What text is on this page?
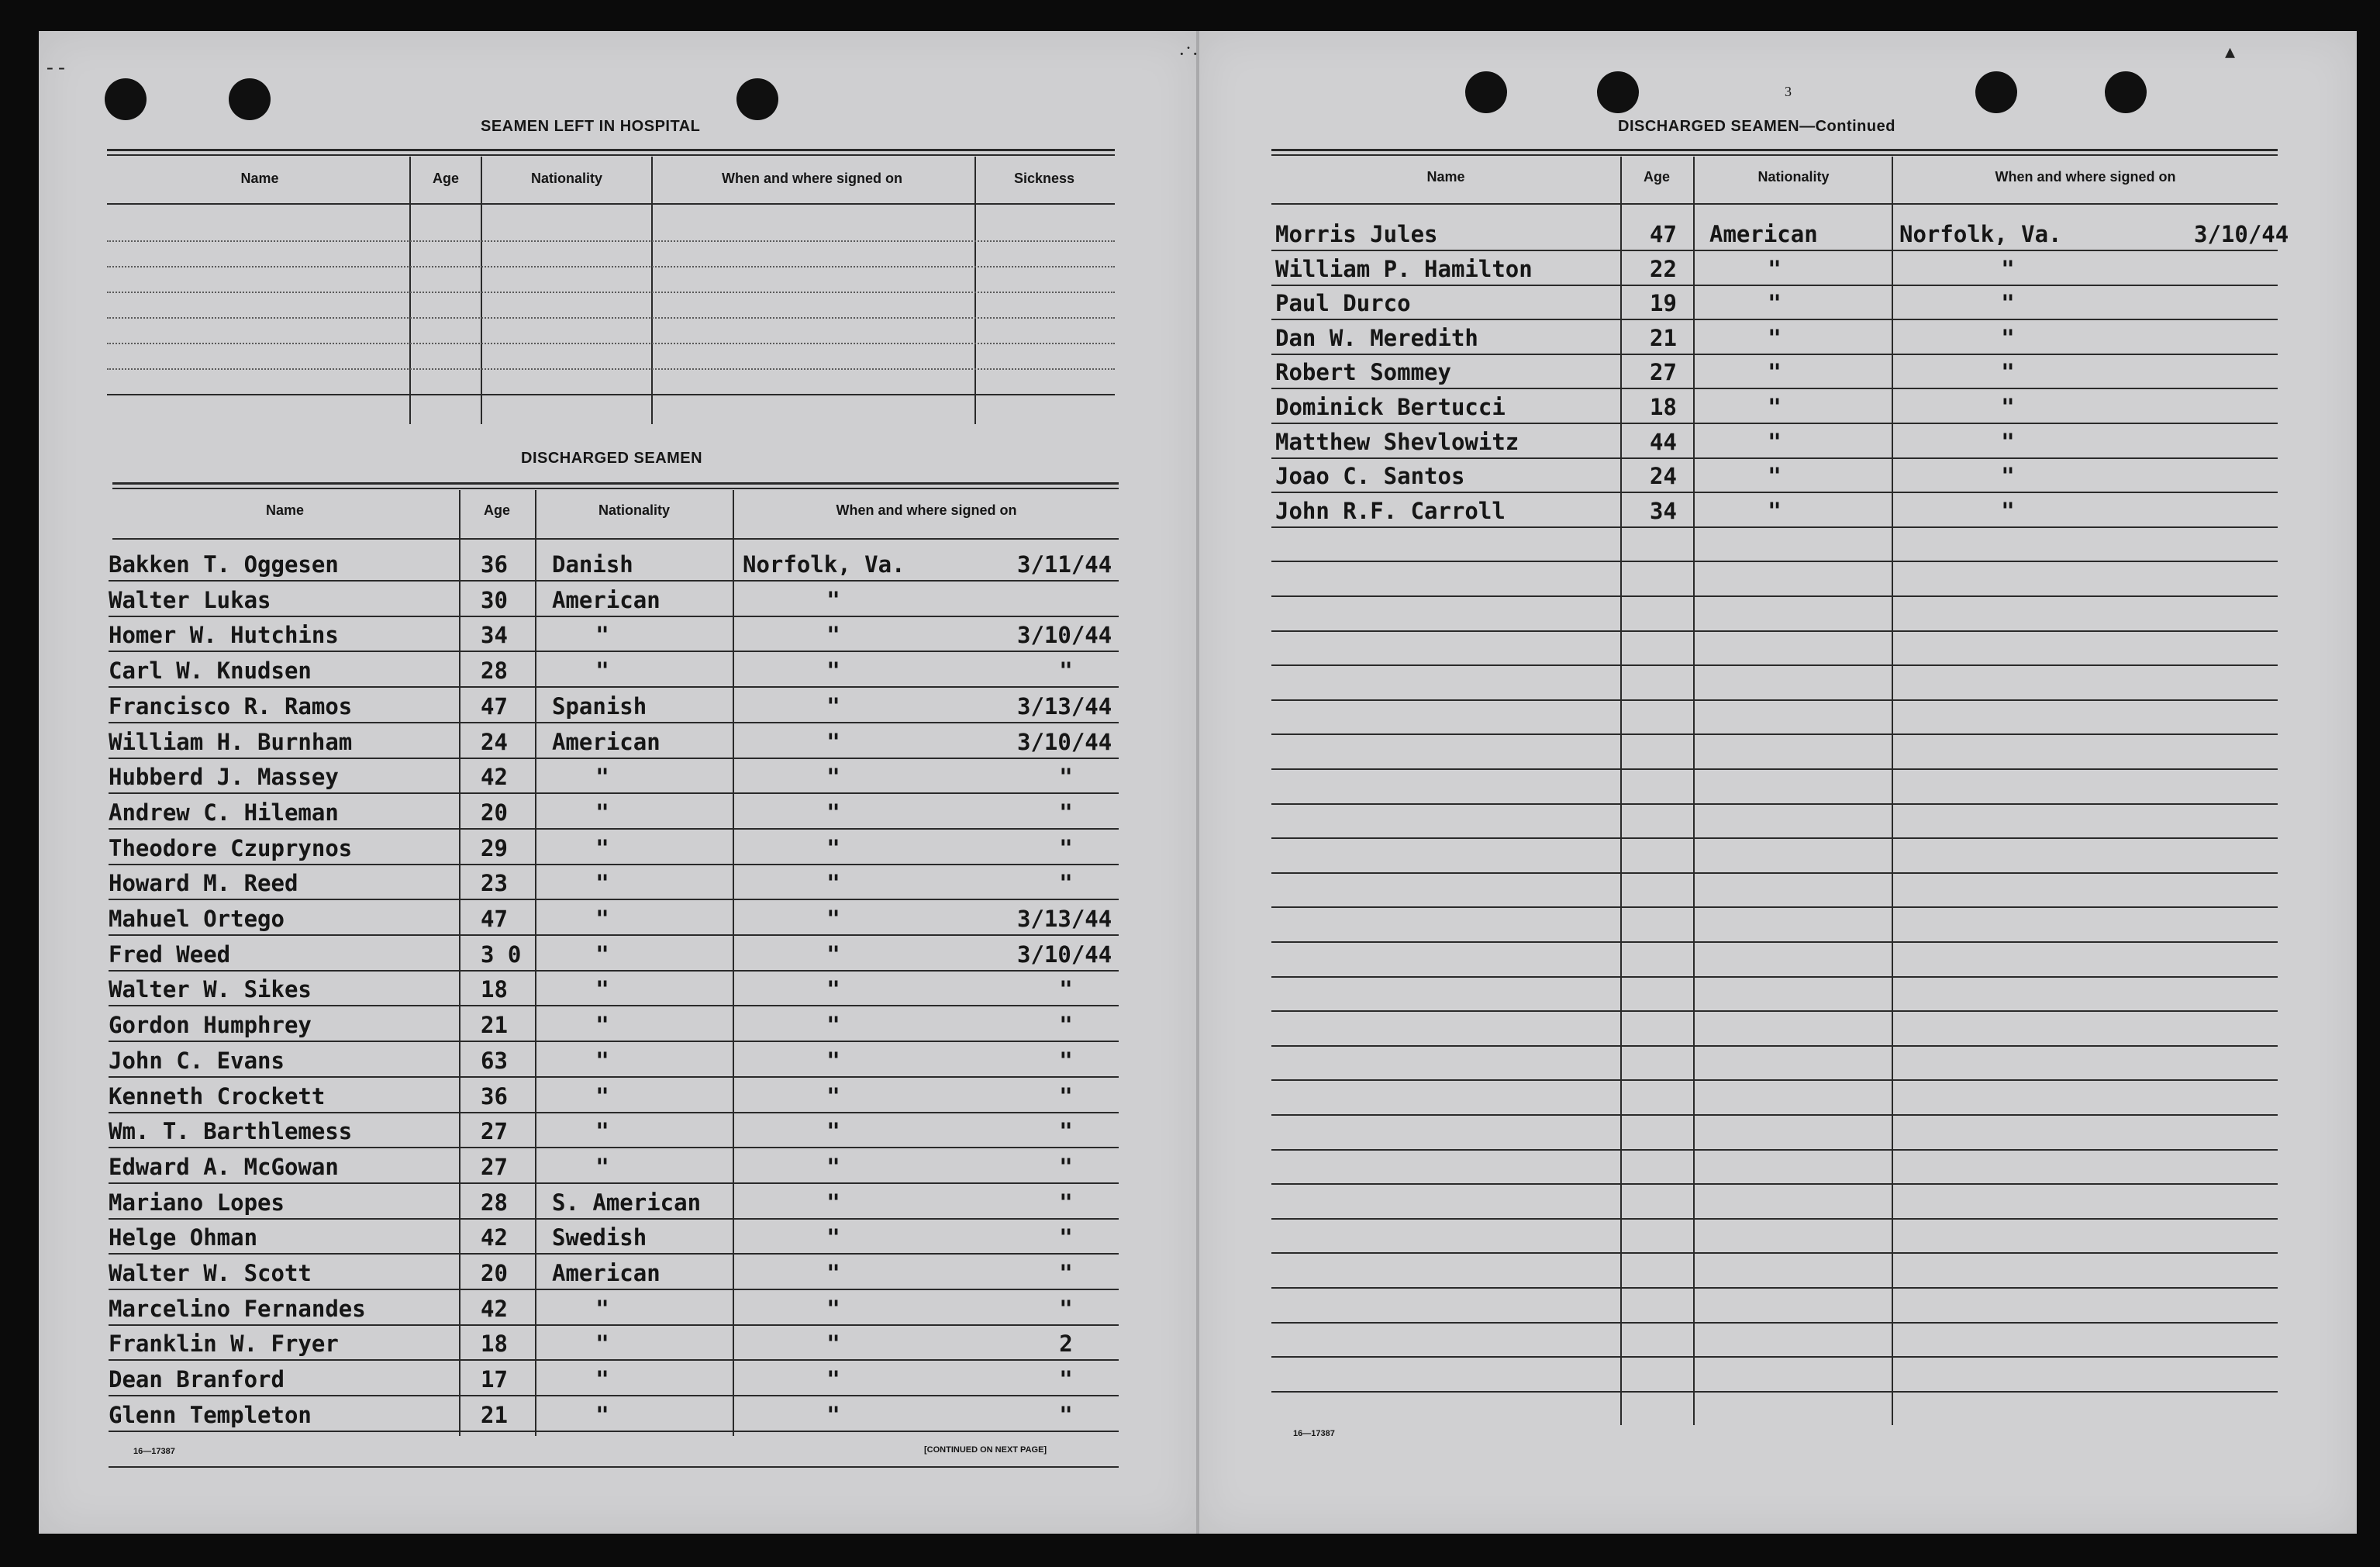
SEAMEN LEFT IN HOSPITAL
Name	Age	Nationality	When and where signed on	Sickness
DISCHARGED SEAMEN
Name	Age	Nationality	When and where signed on
Bakken T. Oggesen	36 Danish	Norfolk, Va.	3/11/44
Walter Lukas	30 American	"
Homer W. Hutchins	34	"	"	3/10/44
Carl W. Knudsen	28	"	"	"
Francisco R. Ramos	47 Spanish	"	3/13/44
William H. Burnham	24 American	"	3/10/44
Hubberd J. Massey	42	"	"	"
Andrew C. Hileman	20	"	"	"
Theodore Czuprynos	29	"	"	"
Howard M. Reed	23	"	"	"
Mahuel Ortego	47	"	"	3/13/44
Fred Weed	3 0	"	"	3/10/44
Walter W. Sikes	18	"	"	"
Gordon Humphrey	21	"	"	"
John C. Evans	63	"	"	"
Kenneth Crockett	36	"	"	"
Wm. T. Barthlemess	27	"	"	"
Edward A. McGowan	27	"	"	"
Mariano Lopes	28 S. American	"	"
Helge Ohman	42 Swedish	"	"
Walter W. Scott	20 American	"	"
Marcelino Fernandes	42	"	"	"
Franklin W. Fryer	18	"	"	2
Dean Branford	17	"	"	"
Glenn Templeton	21	"	"	"
16—17387	[CONTINUED ON NEXT PAGE]
3
DISCHARGED SEAMEN—Continued
Name	Age	Nationality	When and where signed on
Morris Jules	47 American	Norfolk, Va.	3/10/44
William P. Hamilton	22	"	"
Paul Durco	19	"	"
Dan W. Meredith	21	"	"
Robert Sommey	27	"	"
Dominick Bertucci	18	"	"
Matthew Shevlowitz	44	"	"
Joao C. Santos	24	"	"
John R.F. Carroll	34	"	"
16—17387
- -
·˙·	▴
